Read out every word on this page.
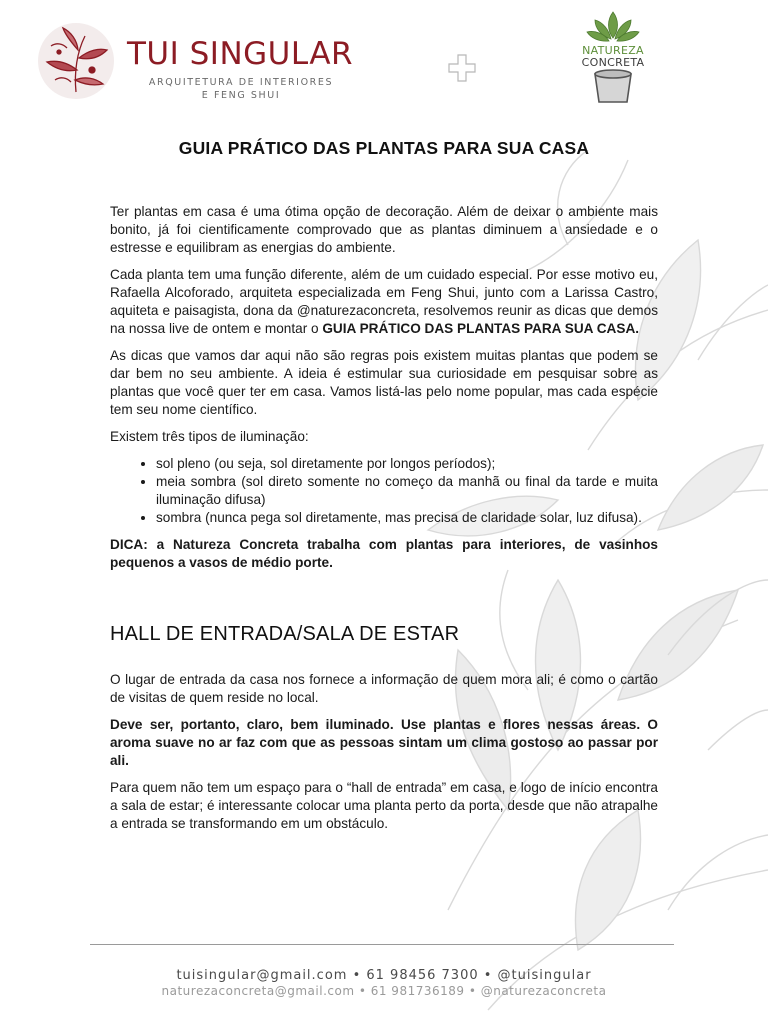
TUI SINGULAR
ARQUITETURA DE INTERIORES
E FENG SHUI
NATUREZA
CONCRETA
GUIA PRÁTICO DAS PLANTAS PARA SUA CASA

Ter plantas em casa é uma ótima opção de decoração. Além de deixar o ambiente mais bonito, já foi cientificamente comprovado que as plantas diminuem a ansiedade e o estresse e equilibram as energias do ambiente.

Cada planta tem uma função diferente, além de um cuidado especial. Por esse motivo eu, Rafaella Alcoforado, arquiteta especializada em Feng Shui, junto com a Larissa Castro, aquiteta e paisagista, dona da @naturezaconcreta, resolvemos reunir as dicas que demos na nossa live de ontem e montar o GUIA PRÁTICO DAS PLANTAS PARA SUA CASA.

As dicas que vamos dar aqui não são regras pois existem muitas plantas que podem se dar bem no seu ambiente. A ideia é estimular sua curiosidade em pesquisar sobre as plantas que você quer ter em casa. Vamos listá-las pelo nome popular, mas cada espécie tem seu nome científico.

Existem três tipos de iluminação:

• sol pleno (ou seja, sol diretamente por longos períodos);
• meia sombra (sol direto somente no começo da manhã ou final da tarde e muita iluminação difusa)
• sombra (nunca pega sol diretamente, mas precisa de claridade solar, luz difusa).

DICA: a Natureza Concreta trabalha com plantas para interiores, de vasinhos pequenos a vasos de médio porte.

HALL DE ENTRADA/SALA DE ESTAR

O lugar de entrada da casa nos fornece a informação de quem mora ali; é como o cartão de visitas de quem reside no local.

Deve ser, portanto, claro, bem iluminado. Use plantas e flores nessas áreas. O aroma suave no ar faz com que as pessoas sintam um clima gostoso ao passar por ali.

Para quem não tem um espaço para o “hall de entrada” em casa, e logo de início encontra a sala de estar; é interessante colocar uma planta perto da porta, desde que não atrapalhe a entrada se transformando em um obstáculo.

tuisingular@gmail.com • 61 98456 7300 • @tuisingular
naturezaconcreta@gmail.com • 61 981736189 • @naturezaconcreta
